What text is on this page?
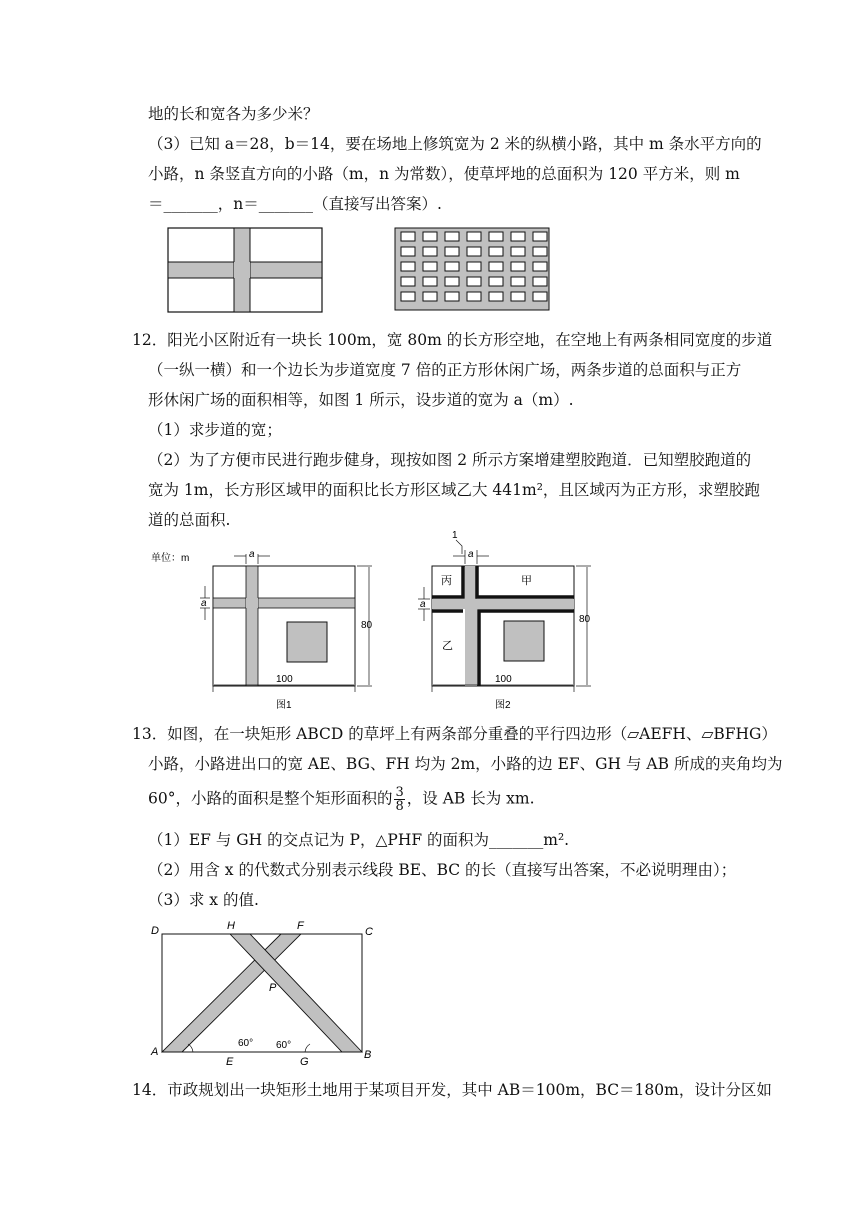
地的长和宽各为多少米？
（3）已知 a＝28，b＝14，要在场地上修筑宽为 2 米的纵横小路，其中 m 条水平方向的
小路，n 条竖直方向的小路（m，n 为常数），使草坪地的总面积为 120 平方米，则 m
＝_______，n＝_______（直接写出答案）.
12．阳光小区附近有一块长 100m，宽 80m 的长方形空地，在空地上有两条相同宽度的步道
（一纵一横）和一个边长为步道宽度 7 倍的正方形休闲广场，两条步道的总面积与正方
形休闲广场的面积相等，如图 1 所示，设步道的宽为 a（m）.
（1）求步道的宽；
（2）为了方便市民进行跑步健身，现按如图 2 所示方案增建塑胶跑道．已知塑胶跑道的
宽为 1m，长方形区域甲的面积比长方形区域乙大 441m²，且区域丙为正方形，求塑胶跑
道的总面积.
单位：m	a
a
80
100
图1
丙	甲
乙
1
a
a
80
100
图2
13．如图，在一块矩形 ABCD 的草坪上有两条部分重叠的平行四边形（▱AEFH、▱BFHG）
小路，小路进出口的宽 AE、BG、FH 均为 2m，小路的边 EF、GH 与 AB 所成的夹角均为
60°，小路的面积是整个矩形面积的 $\frac{3}{8}$ ，设 AB 长为 xm.
（1）EF 与 GH 的交点记为 P，△PHF 的面积为_______m².
（2）用含 x 的代数式分别表示线段 BE、BC 的长（直接写出答案，不必说明理由）；
（3）求 x 的值.
D	C
H	F
A	B
E	G
P
60° 60°
14．市政规划出一块矩形土地用于某项目开发，其中 AB＝100m，BC＝180m，设计分区如
